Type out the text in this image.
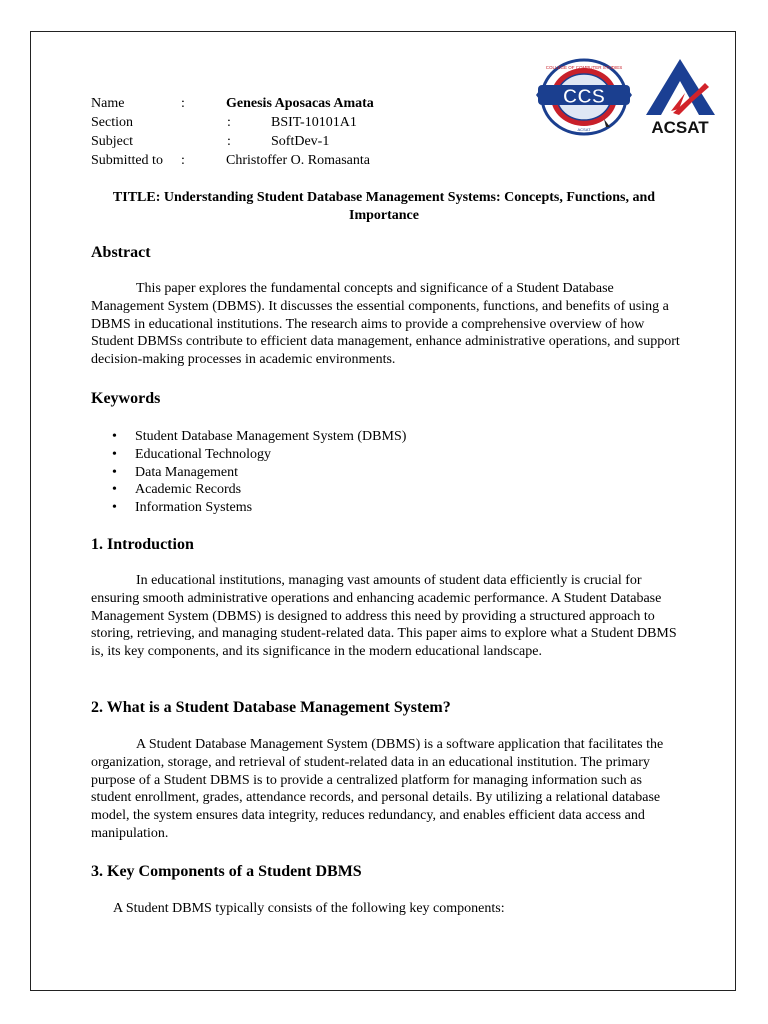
Name	:	Genesis Aposacas Amata
Section	:	BSIT-10101A1
Subject	:	SoftDev-1
Submitted to :	Christoffer O. Romasanta
CCS
COLLEGE OF COMPUTER STUDIES
ACSAT	ACSAT
TITLE: Understanding Student Database Management Systems: Concepts, Functions, and Importance
Abstract

This paper explores the fundamental concepts and significance of a Student Database Management System (DBMS). It discusses the essential components, functions, and benefits of using a DBMS in educational institutions. The research aims to provide a comprehensive overview of how Student DBMSs contribute to efficient data management, enhance administrative operations, and support decision-making processes in academic environments.

Keywords
• Student Database Management System (DBMS)
• Educational Technology
• Data Management
• Academic Records
• Information Systems
1. Introduction

In educational institutions, managing vast amounts of student data efficiently is crucial for ensuring smooth administrative operations and enhancing academic performance. A Student Database Management System (DBMS) is designed to address this need by providing a structured approach to storing, retrieving, and managing student-related data. This paper aims to explore what a Student DBMS is, its key components, and its significance in the modern educational landscape.

2. What is a Student Database Management System?

A Student Database Management System (DBMS) is a software application that facilitates the organization, storage, and retrieval of student-related data in an educational institution. The primary purpose of a Student DBMS is to provide a centralized platform for managing information such as student enrollment, grades, attendance records, and personal details. By utilizing a relational database model, the system ensures data integrity, reduces redundancy, and enables efficient data access and manipulation.

3. Key Components of a Student DBMS
A Student DBMS typically consists of the following key components:
